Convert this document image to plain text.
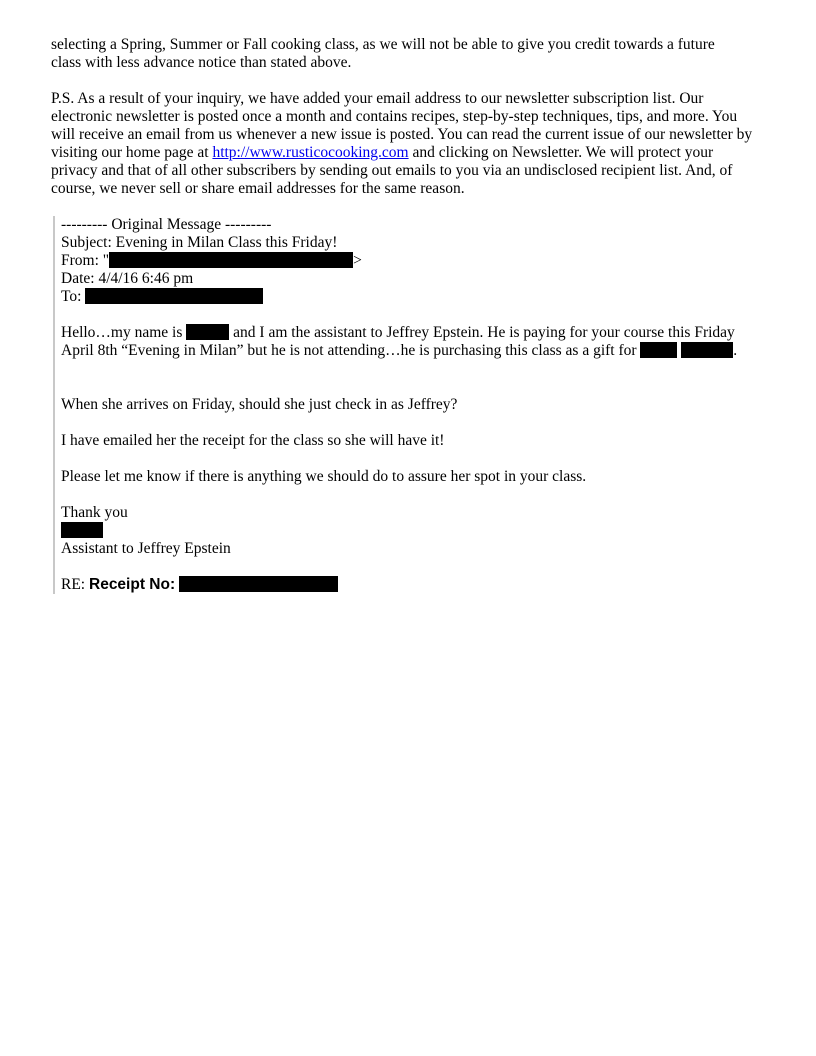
selecting a Spring, Summer or Fall cooking class, as we will not be able to give you credit towards a future
class with less advance notice than stated above.

P.S. As a result of your inquiry, we have added your email address to our newsletter subscription list. Our electronic newsletter is posted once a month and contains recipes, step-by-step techniques, tips, and more. You will receive an email from us whenever a new issue is posted. You can read the current issue of our newsletter by visiting our home page at http://www.rusticocooking.com and clicking on Newsletter. We will protect your privacy and that of all other subscribers by sending out emails to you via an undisclosed recipient list. And, of course, we never sell or share email addresses for the same reason.

--------- Original Message ---------

Subject: Evening in Milan Class this Friday!

From: "	>

Date: 4/4/16 6:46 pm

To:

Hello…my name is	and I am the assistant to Jeffrey Epstein. He is paying for your course this Friday April 8th “Evening in Milan” but he is not attending…he is purchasing this class as a gift for	.

When she arrives on Friday, should she just check in as Jeffrey?

I have emailed her the receipt for the class so she will have it!

Please let me know if there is anything we should do to assure her spot in your class.

Thank you

Assistant to Jeffrey Epstein

RE: Receipt No:
